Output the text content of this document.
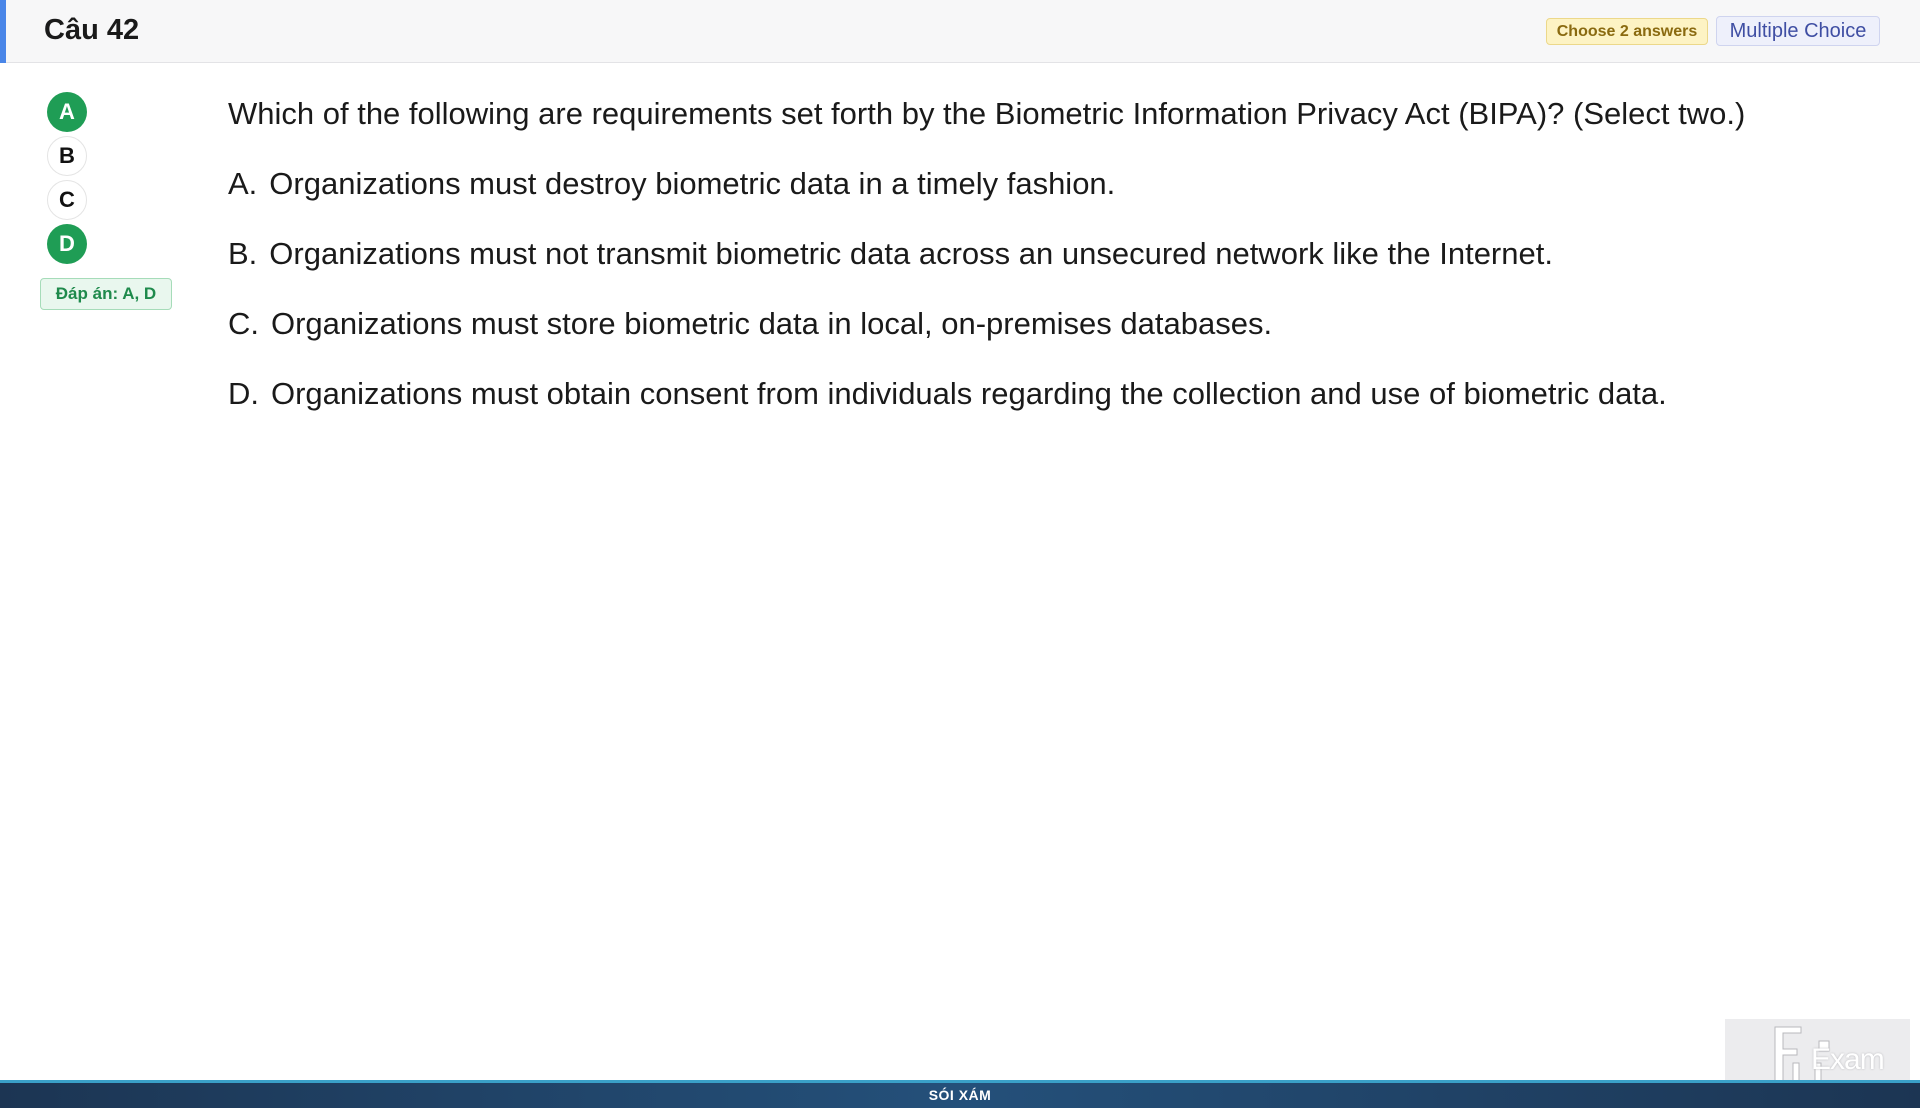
Câu 42	Choose 2 answers	Multiple Choice
A
B
C
D
Đáp án: A, D
Which of the following are requirements set forth by the Biometric Information Privacy Act (BIPA)? (Select two.)
A. Organizations must destroy biometric data in a timely fashion.
B. Organizations must not transmit biometric data across an unsecured network like the Internet.
C. Organizations must store biometric data in local, on-premises databases.
D. Organizations must obtain consent from individuals regarding the collection and use of biometric data.
Exam
SÓI XÁM
